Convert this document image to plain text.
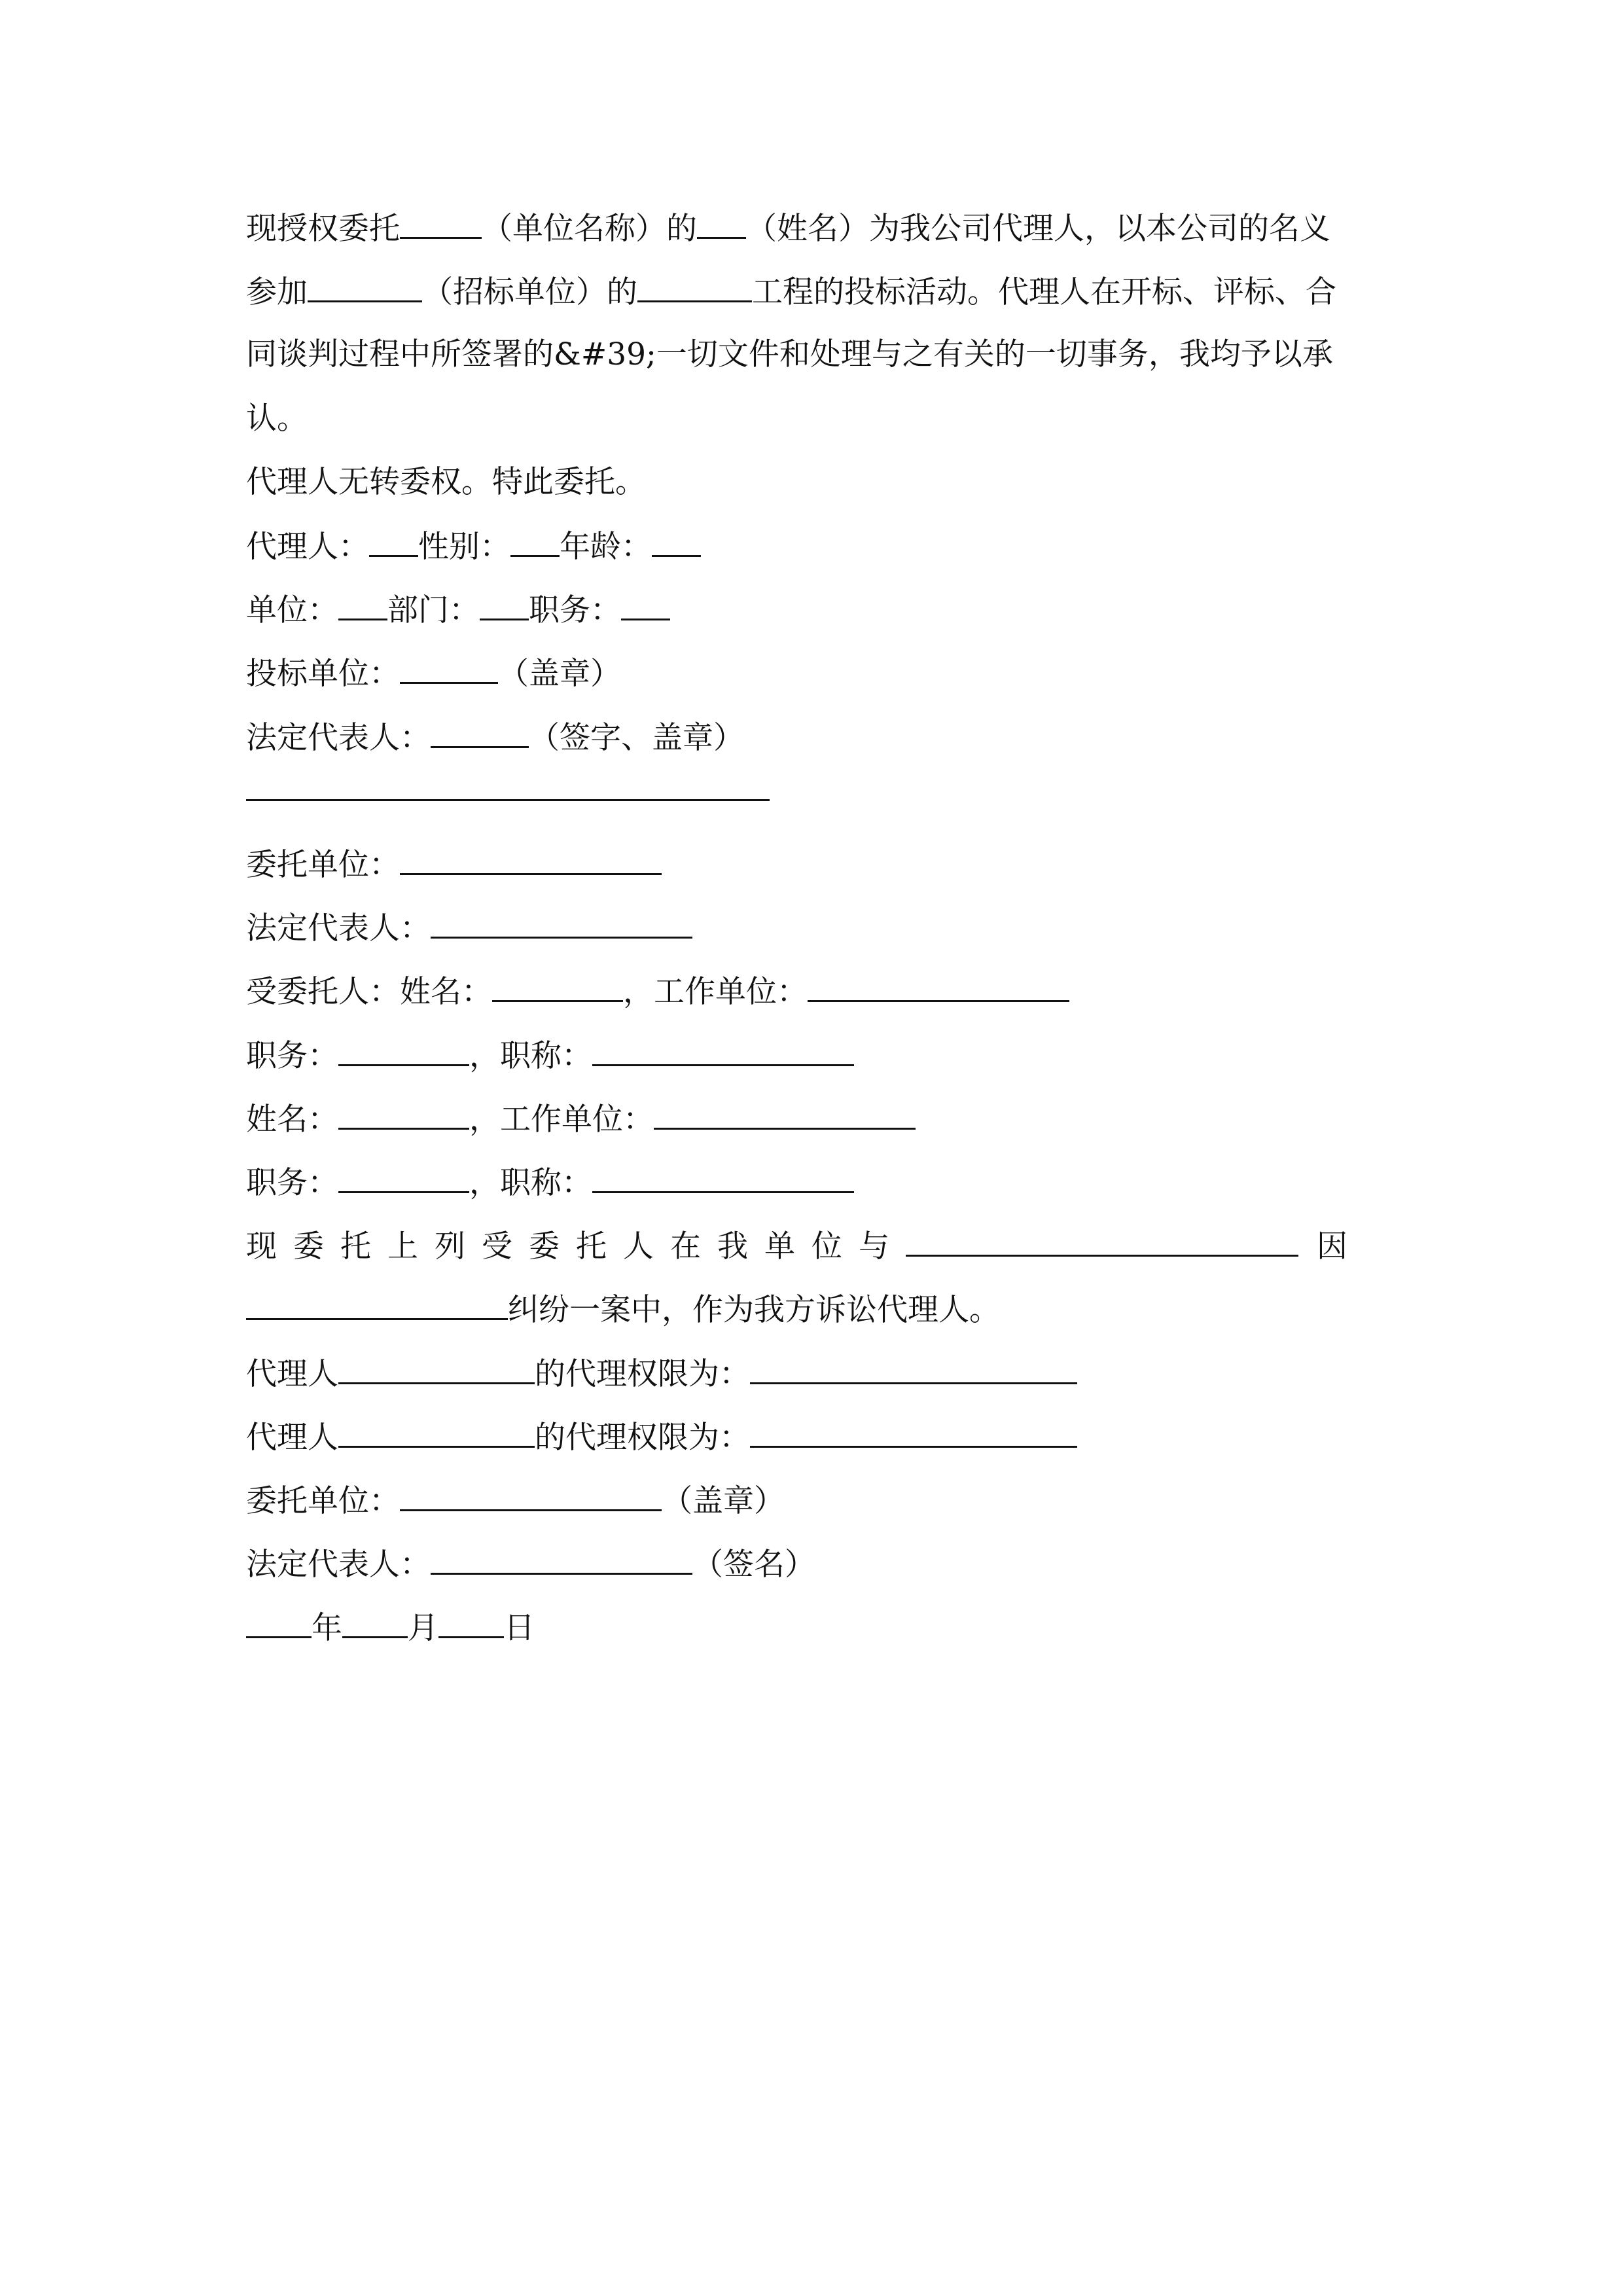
现授权委托	（单位名称）的 （姓名）为我公司代理人，以本公司的名义
参加	（招标单位）的	工程的投标活动。代理人在开标、评标、合
同谈判过程中所签署的&#39;一切文件和处理与之有关的一切事务，我均予以承
认。
代理人无转委权。特此委托。
代理人： 性别： 年龄：
单位： 部门： 职务：
投标单位：	（盖章）
法定代表人：	（签字、盖章）
委托单位：
法定代表人：
受委托人：姓名：	，工作单位：
职务：	，职称：
姓名：	，工作单位：
职务：	，职称：
现委托上列受委托人在我单位与	因
纠纷一案中，作为我方诉讼代理人。
代理人	的代理权限为：
代理人	的代理权限为：
委托单位：	（盖章）
法定代表人：	（签名）
年 月 日
